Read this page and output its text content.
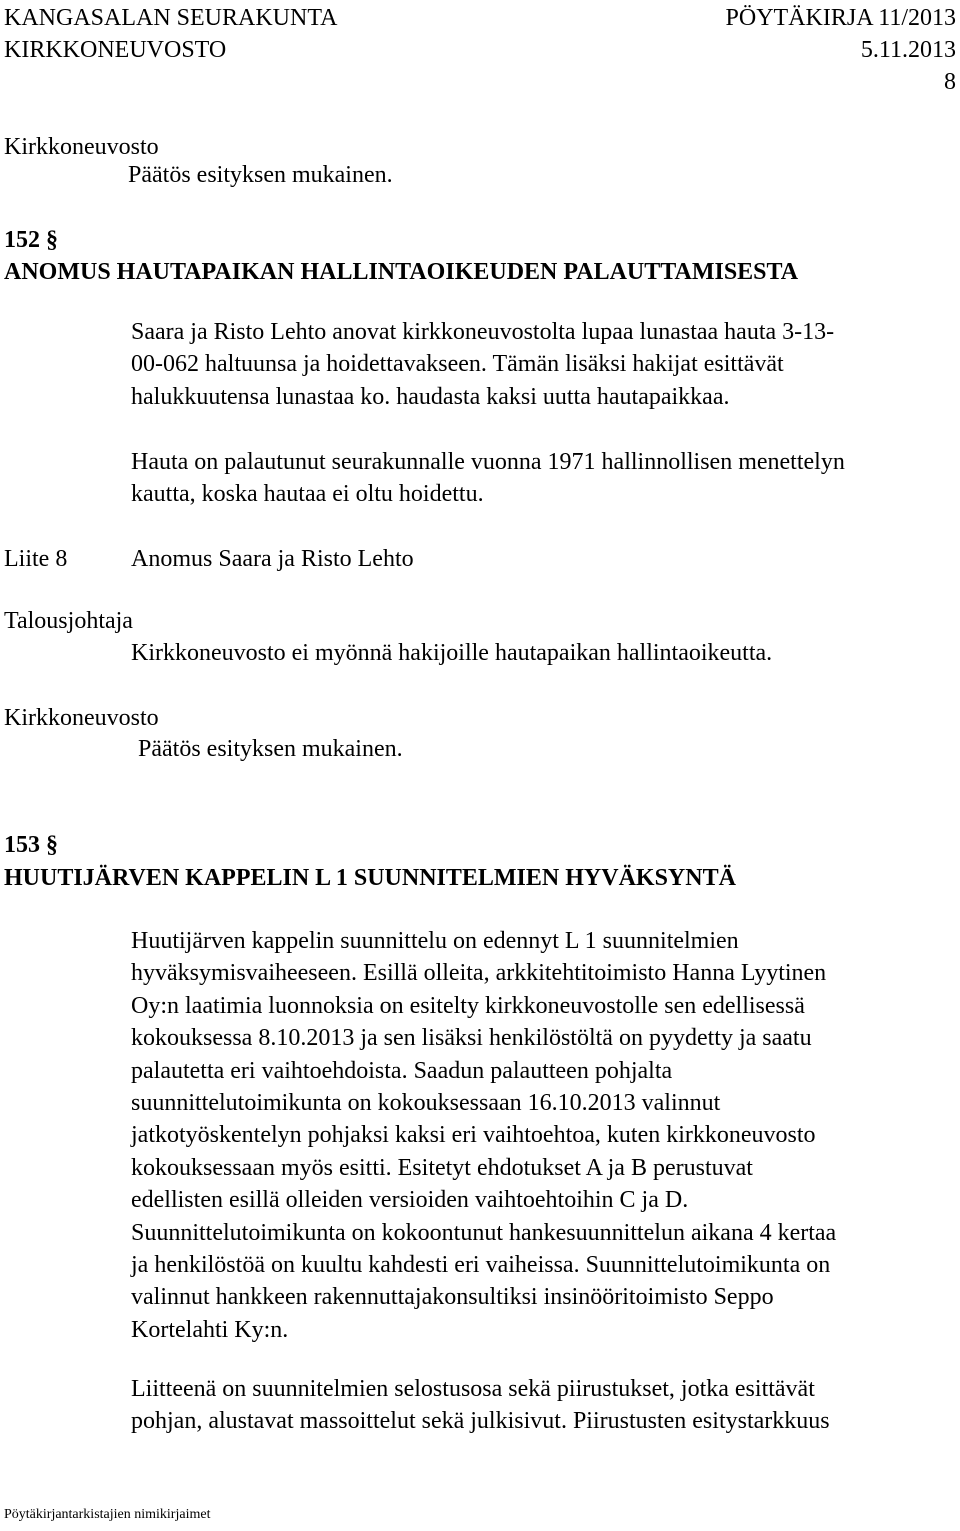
KANGASALAN SEURAKUNTA	PÖYTÄKIRJA 11/2013
KIRKKONEUVOSTO	5.11.2013
8
Kirkkoneuvosto
Päätös esityksen mukainen.
152 §
ANOMUS HAUTAPAIKAN HALLINTAOIKEUDEN PALAUTTAMISESTA
Saara ja Risto Lehto anovat kirkkoneuvostolta lupaa lunastaa hauta 3-13-
00-062 haltuunsa ja hoidettavakseen. Tämän lisäksi hakijat esittävät
halukkuutensa lunastaa ko. haudasta kaksi uutta hautapaikkaa.
Hauta on palautunut seurakunnalle vuonna 1971 hallinnollisen menettelyn
kautta, koska hautaa ei oltu hoidettu.
Liite 8	Anomus Saara ja Risto Lehto
Talousjohtaja
Kirkkoneuvosto ei myönnä hakijoille hautapaikan hallintaoikeutta.
Kirkkoneuvosto
Päätös esityksen mukainen.
153 §
HUUTIJÄRVEN KAPPELIN L 1 SUUNNITELMIEN HYVÄKSYNTÄ
Huutijärven kappelin suunnittelu on edennyt L 1 suunnitelmien
hyväksymisvaiheeseen. Esillä olleita, arkkitehtitoimisto Hanna Lyytinen
Oy:n laatimia luonnoksia on esitelty kirkkoneuvostolle sen edellisessä
kokouksessa 8.10.2013 ja sen lisäksi henkilöstöltä on pyydetty ja saatu
palautetta eri vaihtoehdoista. Saadun palautteen pohjalta
suunnittelutoimikunta on kokouksessaan 16.10.2013 valinnut
jatkotyöskentelyn pohjaksi kaksi eri vaihtoehtoa, kuten kirkkoneuvosto
kokouksessaan myös esitti. Esitetyt ehdotukset A ja B perustuvat
edellisten esillä olleiden versioiden vaihtoehtoihin C ja D.
Suunnittelutoimikunta on kokoontunut hankesuunnittelun aikana 4 kertaa
ja henkilöstöä on kuultu kahdesti eri vaiheissa. Suunnittelutoimikunta on
valinnut hankkeen rakennuttajakonsultiksi insinööritoimisto Seppo
Kortelahti Ky:n.
Liitteenä on suunnitelmien selostusosa sekä piirustukset, jotka esittävät
pohjan, alustavat massoittelut sekä julkisivut. Piirustusten esitystarkkuus
Pöytäkirjantarkistajien nimikirjaimet
